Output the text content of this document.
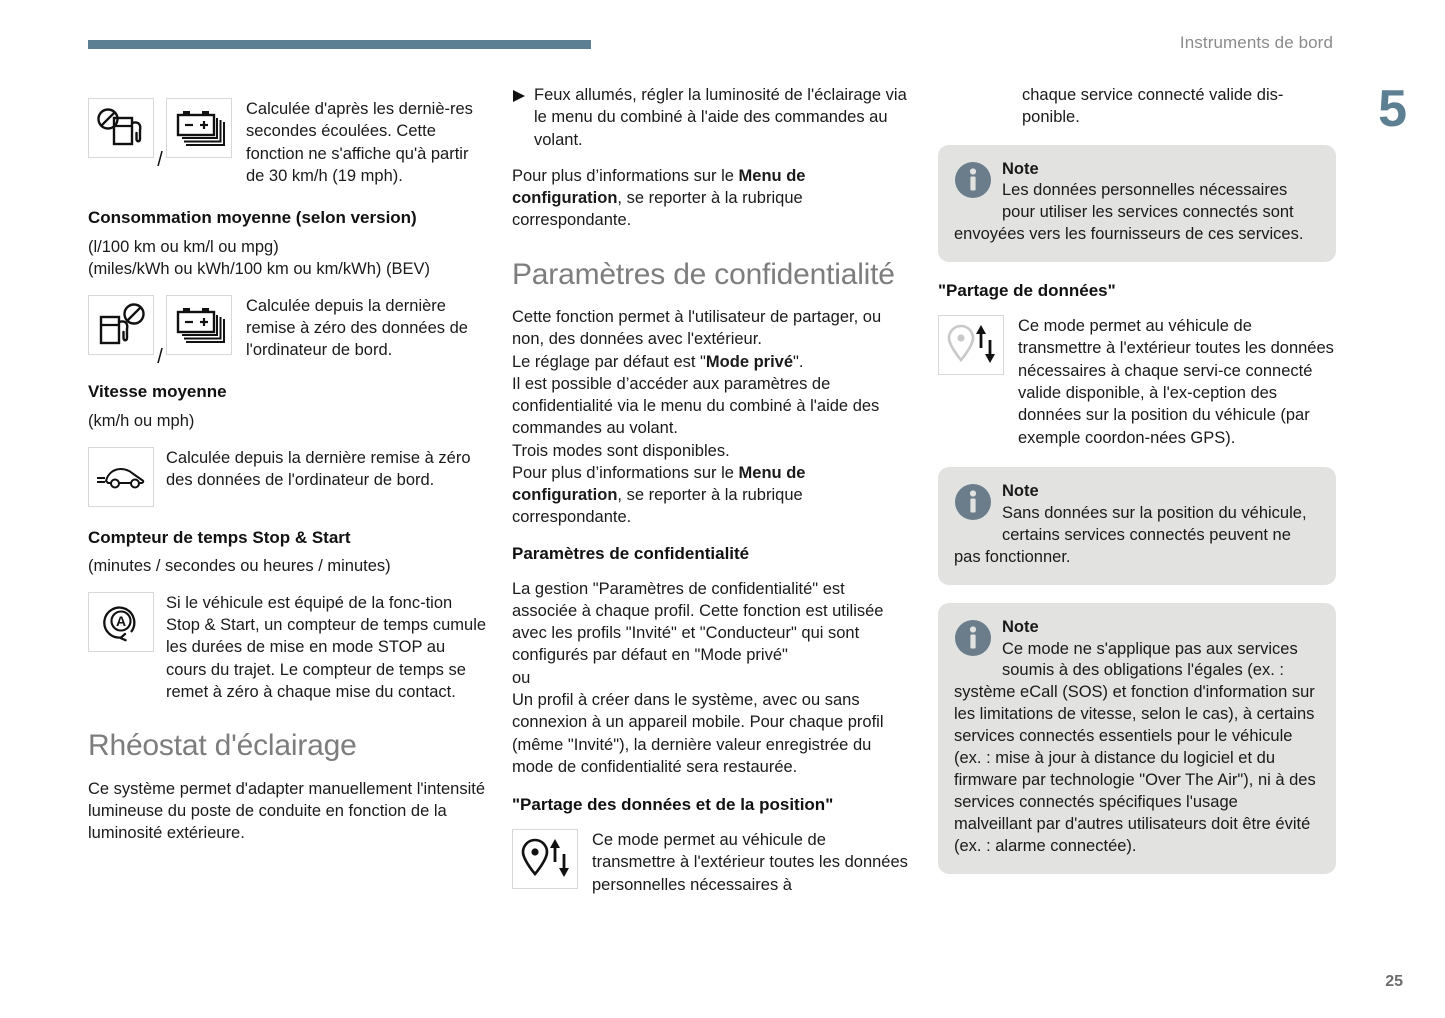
Instruments de bord
5
25
/
Calculée d'après les derniè-res secondes écoulées. Cette fonction ne s'affiche qu'à partir de 30 km/h (19 mph).
Consommation moyenne (selon version)

(l/100 km ou km/l ou mpg)

(miles/kWh ou kWh/100 km ou km/kWh) (BEV)

/
Calculée depuis la dernière remise à zéro des données de l'ordinateur de bord.
Vitesse moyenne

(km/h ou mph)

Calculée depuis la dernière remise à zéro des données de l'ordinateur de bord.
Compteur de temps Stop & Start

(minutes / secondes ou heures / minutes)

A
Si le véhicule est équipé de la fonc-tion Stop & Start, un compteur de temps cumule les durées de mise en mode STOP au cours du trajet. Le compteur de temps se remet à zéro à chaque mise du contact.
Rhéostat d'éclairage

Ce système permet d'adapter manuellement l'intensité lumineuse du poste de conduite en fonction de la luminosité extérieure.

Feux allumés, régler la luminosité de l'éclairage via le menu du combiné à l'aide des commandes au volant.

Pour plus d’informations sur le Menu de configuration, se reporter à la rubrique correspondante.

Paramètres de confidentialité

Cette fonction permet à l'utilisateur de partager, ou non, des données avec l'extérieur.

Le réglage par défaut est "Mode privé".

Il est possible d’accéder aux paramètres de confidentialité via le menu du combiné à l'aide des commandes au volant.

Trois modes sont disponibles.

Pour plus d’informations sur le Menu de configuration, se reporter à la rubrique correspondante.

Paramètres de confidentialité

La gestion "Paramètres de confidentialité" est associée à chaque profil. Cette fonction est utilisée avec les profils "Invité" et "Conducteur" qui sont configurés par défaut en "Mode privé"

ou

Un profil à créer dans le système, avec ou sans connexion à un appareil mobile. Pour chaque profil (même "Invité"), la dernière valeur enregistrée du mode de confidentialité sera restaurée.

"Partage des données et de la position"
Ce mode permet au véhicule de transmettre à l'extérieur toutes les données personnelles nécessaires à

chaque service connecté valide dis-ponible.

Note
Les données personnelles nécessaires pour utiliser les services connectés sont envoyées vers les fournisseurs de ces services.
"Partage de données"
Ce mode permet au véhicule de transmettre à l'extérieur toutes les données nécessaires à chaque servi-ce connecté valide disponible, à l'ex-ception des données sur la position du véhicule (par exemple coordon-nées GPS).
Note
Sans données sur la position du véhicule, certains services connectés peuvent ne pas fonctionner.
Note
Ce mode ne s'applique pas aux services soumis à des obligations l'égales (ex. : système eCall (SOS) et fonction d'information sur les limitations de vitesse, selon le cas), à certains services connectés essentiels pour le véhicule (ex. : mise à jour à distance du logiciel et du firmware par technologie "Over The Air"), ni à des services connectés spécifiques l'usage malveillant par d'autres utilisateurs doit être évité (ex. : alarme connectée).
